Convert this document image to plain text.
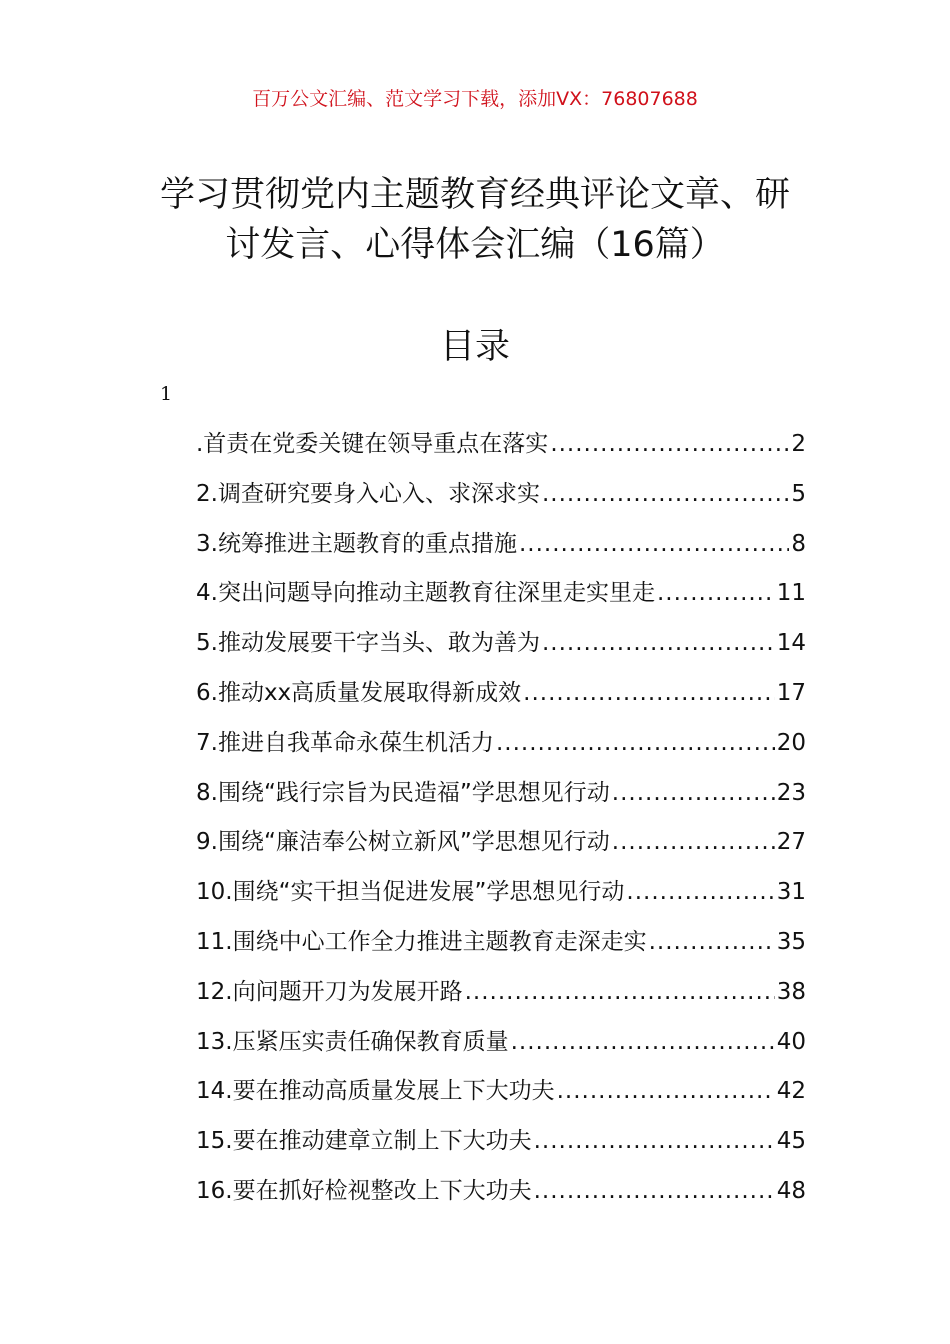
百万公文汇编、范文学习下载，添加VX：76807688
学习贯彻党内主题教育经典评论文章、研
讨发言、心得体会汇编（16篇）
目录
1
.首责在党委关键在领导重点在落实 .....	2
2.调查研究要身入心入、求深求实 .....	5
3.统筹推进主题教育的重点措施 .....	8
4.突出问题导向推动主题教育往深里走实里走 .....	11
5.推动发展要干字当头、敢为善为 .....	14
6.推动xx高质量发展取得新成效 .....	17
7.推进自我革命永葆生机活力 .....	20
8.围绕“践行宗旨为民造福”学思想见行动 .....	23
9.围绕“廉洁奉公树立新风”学思想见行动 .....	27
10.围绕“实干担当促进发展”学思想见行动 .....	31
11.围绕中心工作全力推进主题教育走深走实 .....	35
12.向问题开刀为发展开路 .....	38
13.压紧压实责任确保教育质量 .....	40
14.要在推动高质量发展上下大功夫 .....	42
15.要在推动建章立制上下大功夫 .....	45
16.要在抓好检视整改上下大功夫 .....	48
